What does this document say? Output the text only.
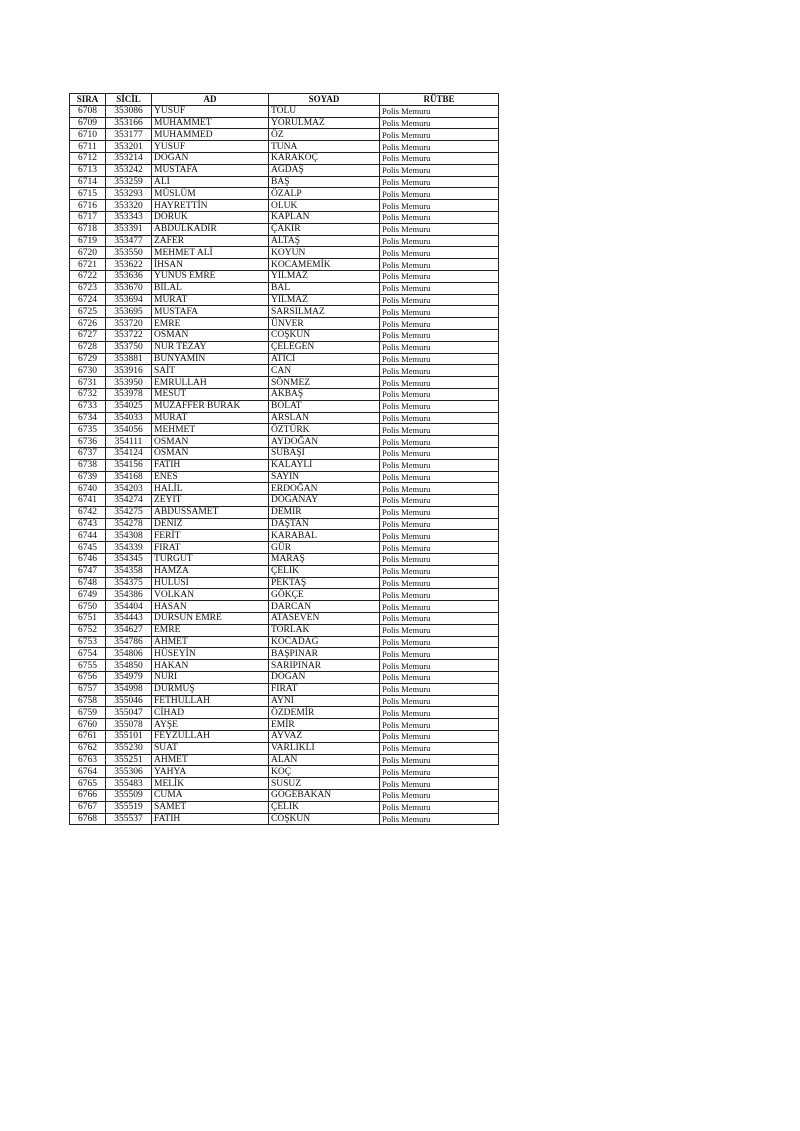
SIRA	SİCİL	AD	SOYAD	RÜTBE
6708	353086	YUSUF	TOLU	Polis Memuru
6709	353166	MUHAMMET	YORULMAZ	Polis Memuru
6710	353177	MUHAMMED	ÖZ	Polis Memuru
6711	353201	YUSUF	TUNA	Polis Memuru
6712	353214	DOĞAN	KARAKOÇ	Polis Memuru
6713	353242	MUSTAFA	AĞDAŞ	Polis Memuru
6714	353259	ALİ	BAŞ	Polis Memuru
6715	353293	MÜSLÜM	ÖZALP	Polis Memuru
6716	353320	HAYRETTİN	OLUK	Polis Memuru
6717	353343	DORUK	KAPLAN	Polis Memuru
6718	353391	ABDULKADİR	ÇAKIR	Polis Memuru
6719	353477	ZAFER	ALTAŞ	Polis Memuru
6720	353550	MEHMET ALİ	KOYUN	Polis Memuru
6721	353622	İHSAN	KOCAMEMİK	Polis Memuru
6722	353636	YUNUS EMRE	YILMAZ	Polis Memuru
6723	353670	BİLAL	BAL	Polis Memuru
6724	353694	MURAT	YILMAZ	Polis Memuru
6725	353695	MUSTAFA	SARSILMAZ	Polis Memuru
6726	353720	EMRE	ÜNVER	Polis Memuru
6727	353722	OSMAN	COŞKUN	Polis Memuru
6728	353750	NUR TEZAY	ÇELEGEN	Polis Memuru
6729	353881	BÜNYAMİN	ATICI	Polis Memuru
6730	353916	SAİT	CAN	Polis Memuru
6731	353950	EMRULLAH	SÖNMEZ	Polis Memuru
6732	353978	MESUT	AKBAŞ	Polis Memuru
6733	354025	MUZAFFER BURAK	BOLAT	Polis Memuru
6734	354033	MURAT	ARSLAN	Polis Memuru
6735	354056	MEHMET	ÖZTÜRK	Polis Memuru
6736	354111	OSMAN	AYDOĞAN	Polis Memuru
6737	354124	OSMAN	SUBAŞI	Polis Memuru
6738	354156	FATİH	KALAYLI	Polis Memuru
6739	354168	ENES	SAYIN	Polis Memuru
6740	354203	HALİL	ERDOĞAN	Polis Memuru
6741	354274	ZEYİT	DOĞANAY	Polis Memuru
6742	354275	ABDUSSAMET	DEMİR	Polis Memuru
6743	354278	DENİZ	DAŞTAN	Polis Memuru
6744	354308	FERİT	KARABAL	Polis Memuru
6745	354339	FIRAT	GÜR	Polis Memuru
6746	354345	TURGUT	MARAŞ	Polis Memuru
6747	354358	HAMZA	ÇELİK	Polis Memuru
6748	354375	HULUSİ	PEKTAŞ	Polis Memuru
6749	354386	VOLKAN	GÖKÇE	Polis Memuru
6750	354404	HASAN	DARCAN	Polis Memuru
6751	354443	DURSUN EMRE	ATASEVEN	Polis Memuru
6752	354627	EMRE	TORLAK	Polis Memuru
6753	354786	AHMET	KOCADAĞ	Polis Memuru
6754	354806	HÜSEYİN	BAŞPINAR	Polis Memuru
6755	354850	HAKAN	SARIPINAR	Polis Memuru
6756	354979	NURİ	DOĞAN	Polis Memuru
6757	354998	DURMUŞ	FIRAT	Polis Memuru
6758	355046	FETHULLAH	AYNI	Polis Memuru
6759	355047	CİHAD	ÖZDEMİR	Polis Memuru
6760	355078	AYŞE	EMİR	Polis Memuru
6761	355101	FEYZULLAH	AYVAZ	Polis Memuru
6762	355230	SUAT	VARLIKLI	Polis Memuru
6763	355251	AHMET	ALAN	Polis Memuru
6764	355306	YAHYA	KOÇ	Polis Memuru
6765	355483	MELİK	SUSUZ	Polis Memuru
6766	355509	CUMA	GÖGEBAKAN	Polis Memuru
6767	355519	SAMET	ÇELİK	Polis Memuru
6768	355537	FATİH	COŞKUN	Polis Memuru
